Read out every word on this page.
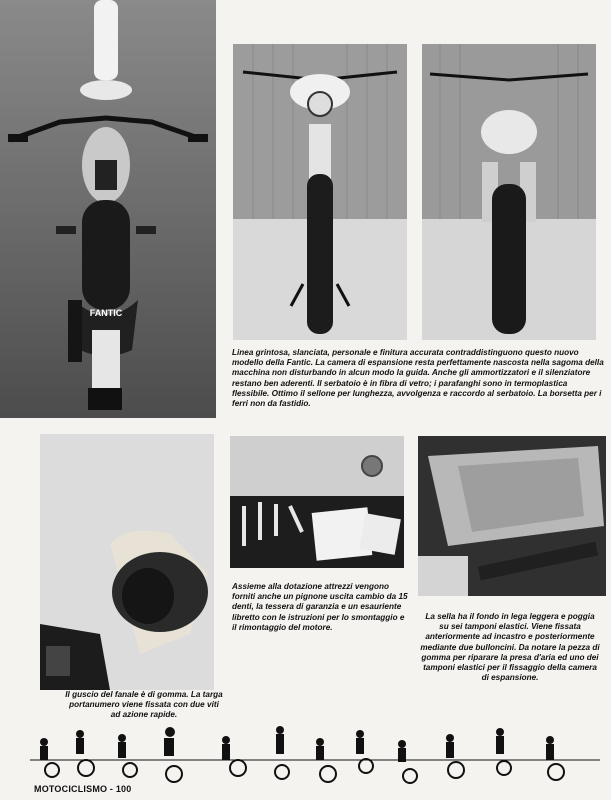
FANTIC
Linea grintosa, slanciata, personale e finitura accurata contraddistinguono questo nuovo modello della Fantic. La camera di espansione resta perfettamente nascosta nella sagoma della macchina non disturbando in alcun modo la guida. Anche gli ammortizzatori e il silenziatore restano ben aderenti. Il serbatoio è in fibra di vetro; i parafanghi sono in termoplastica flessibile. Ottimo il sellone per lunghezza, avvolgenza e raccordo al serbatoio. La borsetta per i ferri non da fastidio.
Il guscio del fanale è di gomma. La targa portanumero viene fissata con due viti ad azione rapide.
Assieme alla dotazione attrezzi vengono forniti anche un pignone uscita cambio da 15 denti, la tessera di garanzia e un esauriente libretto con le istruzioni per lo smontaggio e il rimontaggio del motore.
La sella ha il fondo in lega leggera e poggia su sei tamponi elastici. Viene fissata anteriormente ad incastro e posteriormente mediante due bulloncini. Da notare la pezza di gomma per riparare la presa d'aria ed uno dei tamponi elastici per il fissaggio della camera di espansione.
MOTOCICLISMO - 100
